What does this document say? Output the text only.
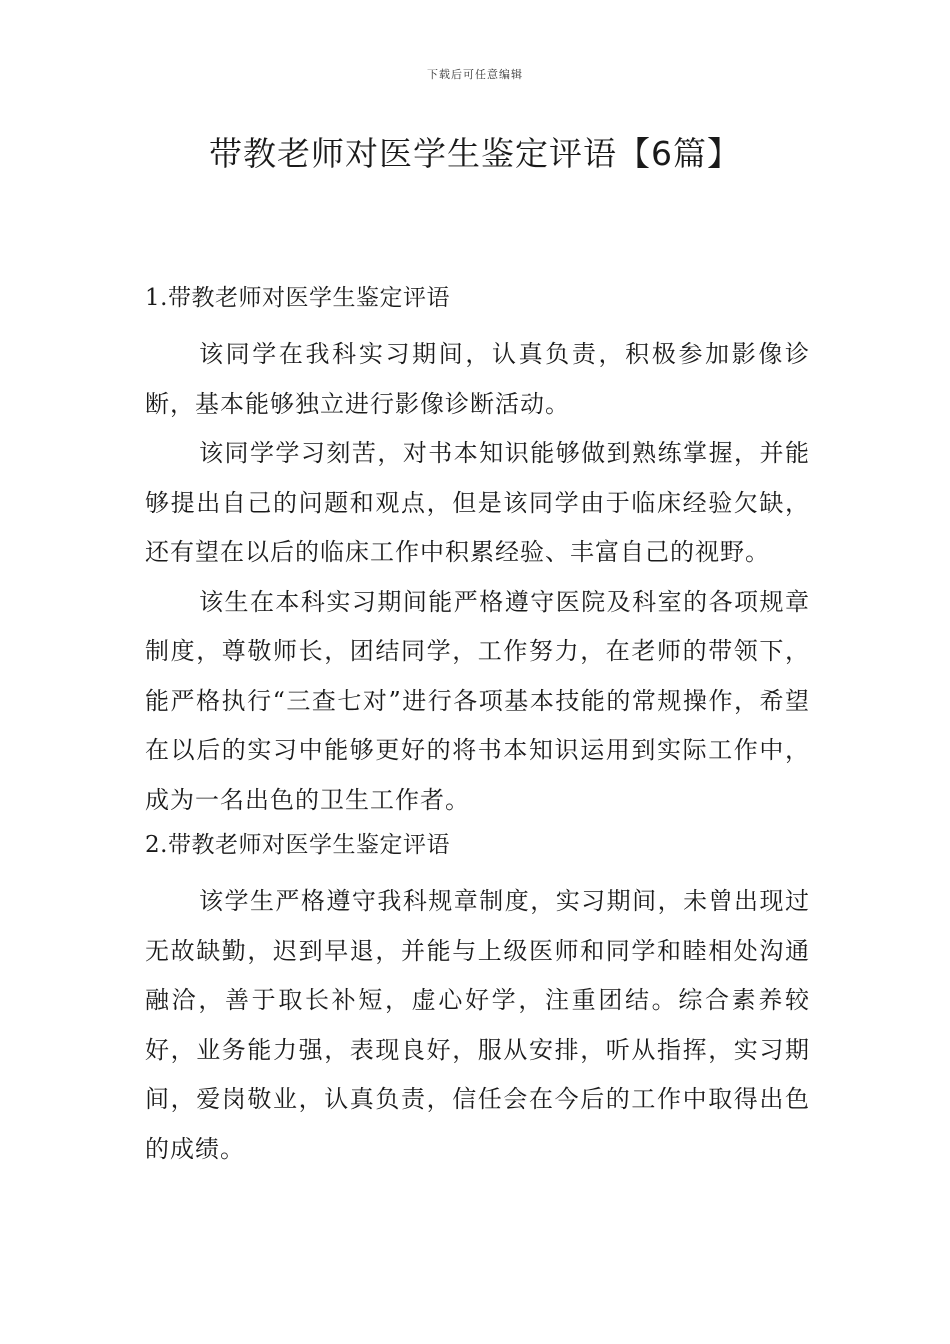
下载后可任意编辑
带教老师对医学生鉴定评语【6篇】
1.带教老师对医学生鉴定评语

该同学在我科实习期间，认真负责，积极参加影像诊断，基本能够独立进行影像诊断活动。

该同学学习刻苦，对书本知识能够做到熟练掌握，并能够提出自己的问题和观点，但是该同学由于临床经验欠缺，还有望在以后的临床工作中积累经验、丰富自己的视野。

该生在本科实习期间能严格遵守医院及科室的各项规章制度，尊敬师长，团结同学，工作努力，在老师的带领下，能严格执行“三查七对”进行各项基本技能的常规操作，希望在以后的实习中能够更好的将书本知识运用到实际工作中，成为一名出色的卫生工作者。

2.带教老师对医学生鉴定评语

该学生严格遵守我科规章制度，实习期间，未曾出现过无故缺勤，迟到早退，并能与上级医师和同学和睦相处沟通融洽，善于取长补短，虚心好学，注重团结。综合素养较好，业务能力强，表现良好，服从安排，听从指挥，实习期间，爱岗敬业，认真负责，信任会在今后的工作中取得出色的成绩。
